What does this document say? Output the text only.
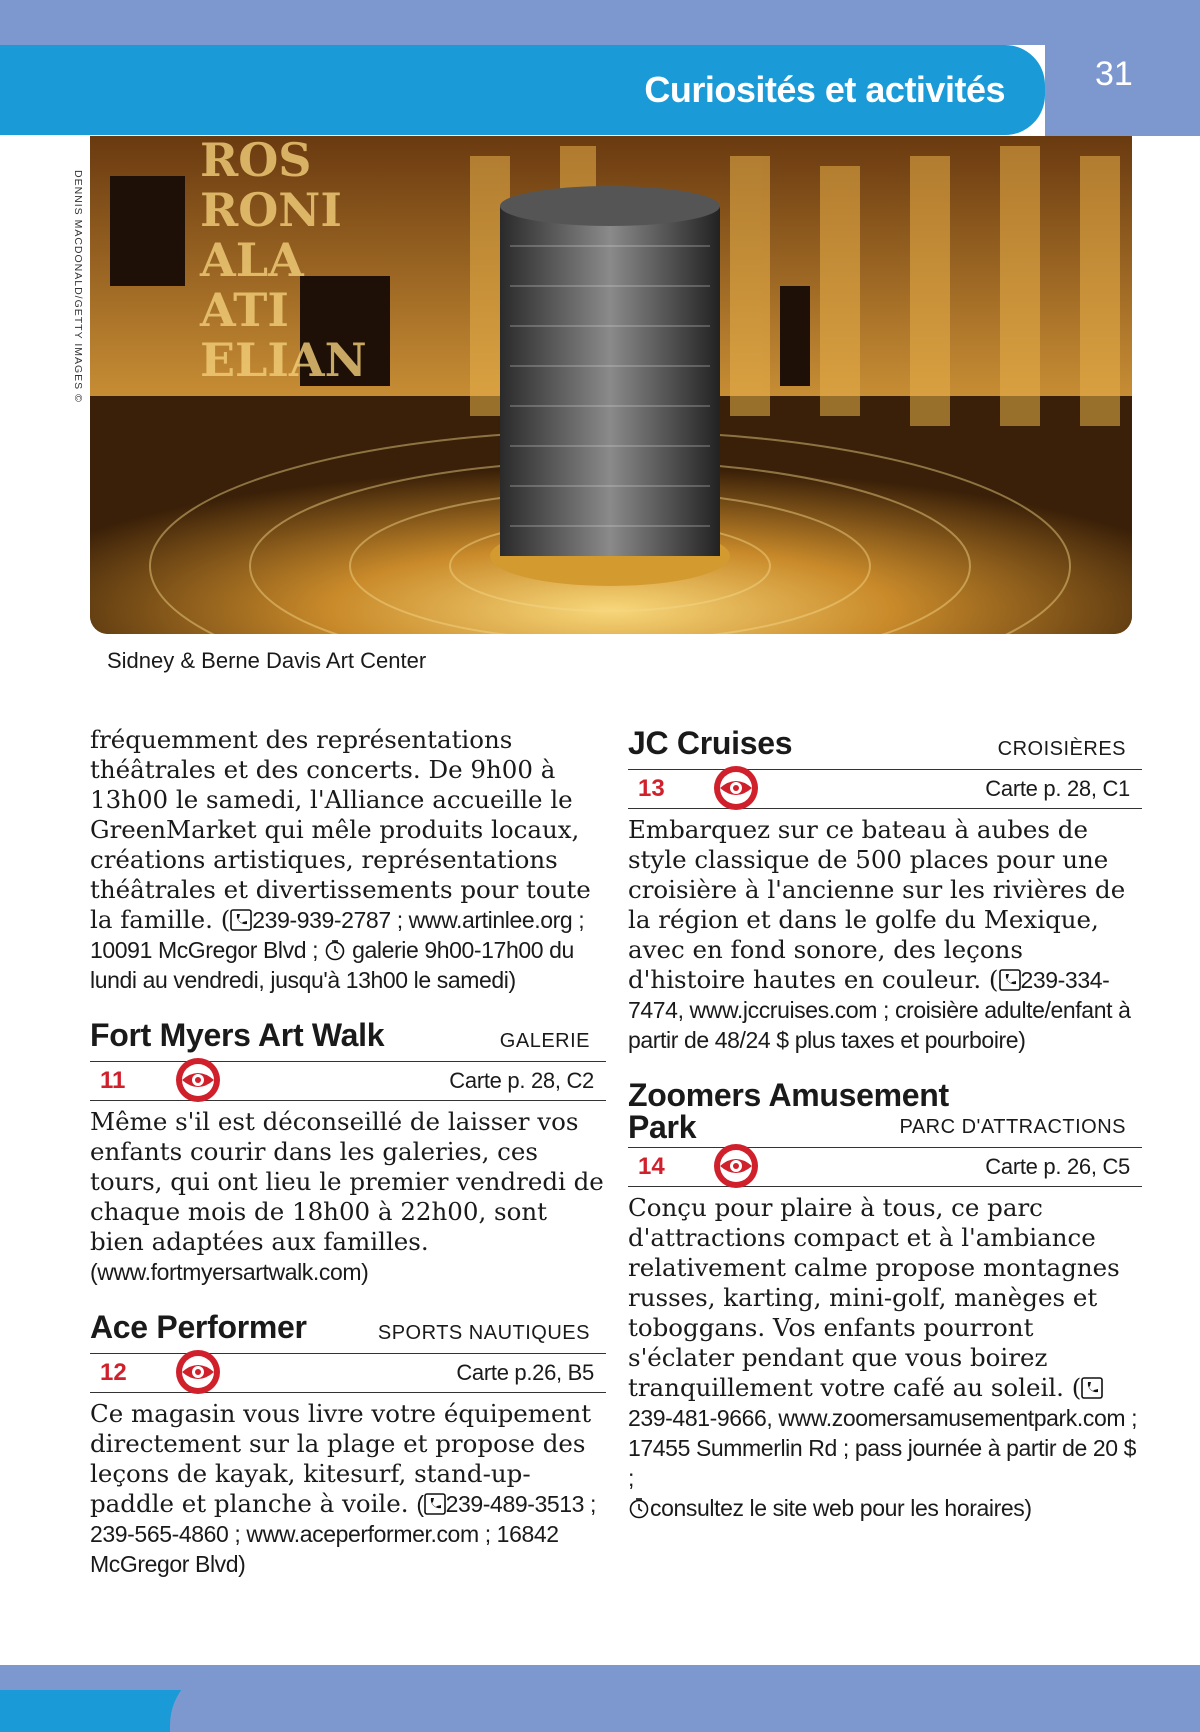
31
Curiosités et activités
DENNIS MACDONALD/GETTY IMAGES ©
ROS
RONI
ALA
ATI
ELIAN
Sidney & Berne Davis Art Center

fréquemment des représentations théâtrales et des concerts. De 9h00 à 13h00 le samedi, l'Alliance accueille le GreenMarket qui mêle produits locaux, créations artistiques, représentations théâtrales et divertissements pour toute la famille. ( 239-939-2787 ; www.artinlee.org ; 10091 McGregor Blvd ;  galerie 9h00-17h00 du lundi au vendredi, jusqu'à 13h00 le samedi)

Fort Myers Art Walk	GALERIE
11	Carte p. 28, C2

Même s'il est déconseillé de laisser vos enfants courir dans les galeries, ces tours, qui ont lieu le premier vendredi de chaque mois de 18h00 à 22h00, sont bien adaptées aux familles. (www.fortmyersartwalk.com)

Ace Performer	SPORTS NAUTIQUES
12	Carte p.26, B5

Ce magasin vous livre votre équipement directement sur la plage et propose des leçons de kayak, kitesurf, stand-up-paddle et planche à voile. ( 239-489-3513 ; 239-565-4860 ; www.aceperformer.com ; 16842 McGregor Blvd)

JC Cruises	CROISIÈRES
13	Carte p. 28, C1

Embarquez sur ce bateau à aubes de style classique de 500 places pour une croisière à l'ancienne sur les rivières de la région et dans le golfe du Mexique, avec en fond sonore, des leçons d'histoire hautes en couleur. ( 239-334-7474, www.jccruises.com ; croisière adulte/enfant à partir de 48/24 $ plus taxes et pourboire)

Zoomers Amusement
Park	PARC D'ATTRACTIONS
14	Carte p. 26, C5

Conçu pour plaire à tous, ce parc d'attractions compact et à l'ambiance relativement calme propose montagnes russes, karting, mini-golf, manèges et toboggans. Vos enfants pourront s'éclater pendant que vous boirez tranquillement votre café au soleil. (239-481-9666, www.zoomersamusementpark.com ; 17455 Summerlin Rd ; pass journée à partir de 20 $ ;
consultez le site web pour les horaires)
